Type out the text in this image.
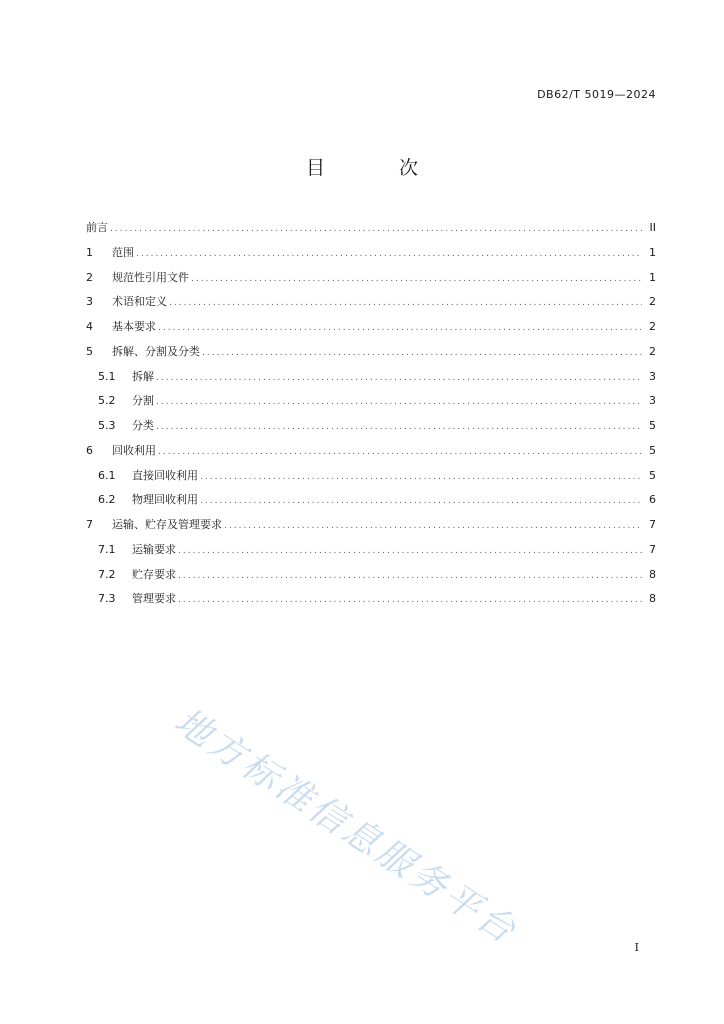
DB62/T 5019—2024
目 次
前言 .....	II
1	范围 .....	1
2	规范性引用文件 .....	1
3	术语和定义 .....	2
4	基本要求 .....	2
5	拆解、分割及分类 .....	2
5.1	拆解 .....	3
5.2	分割 .....	3
5.3	分类 .....	5
6	回收利用 .....	5
6.1	直接回收利用 .....	5
6.2	物理回收利用 .....	6
7	运输、贮存及管理要求 .....	7
7.1	运输要求 .....	7
7.2	贮存要求 .....	8
7.3	管理要求 .....	8
地方标准信息服务平台	I
